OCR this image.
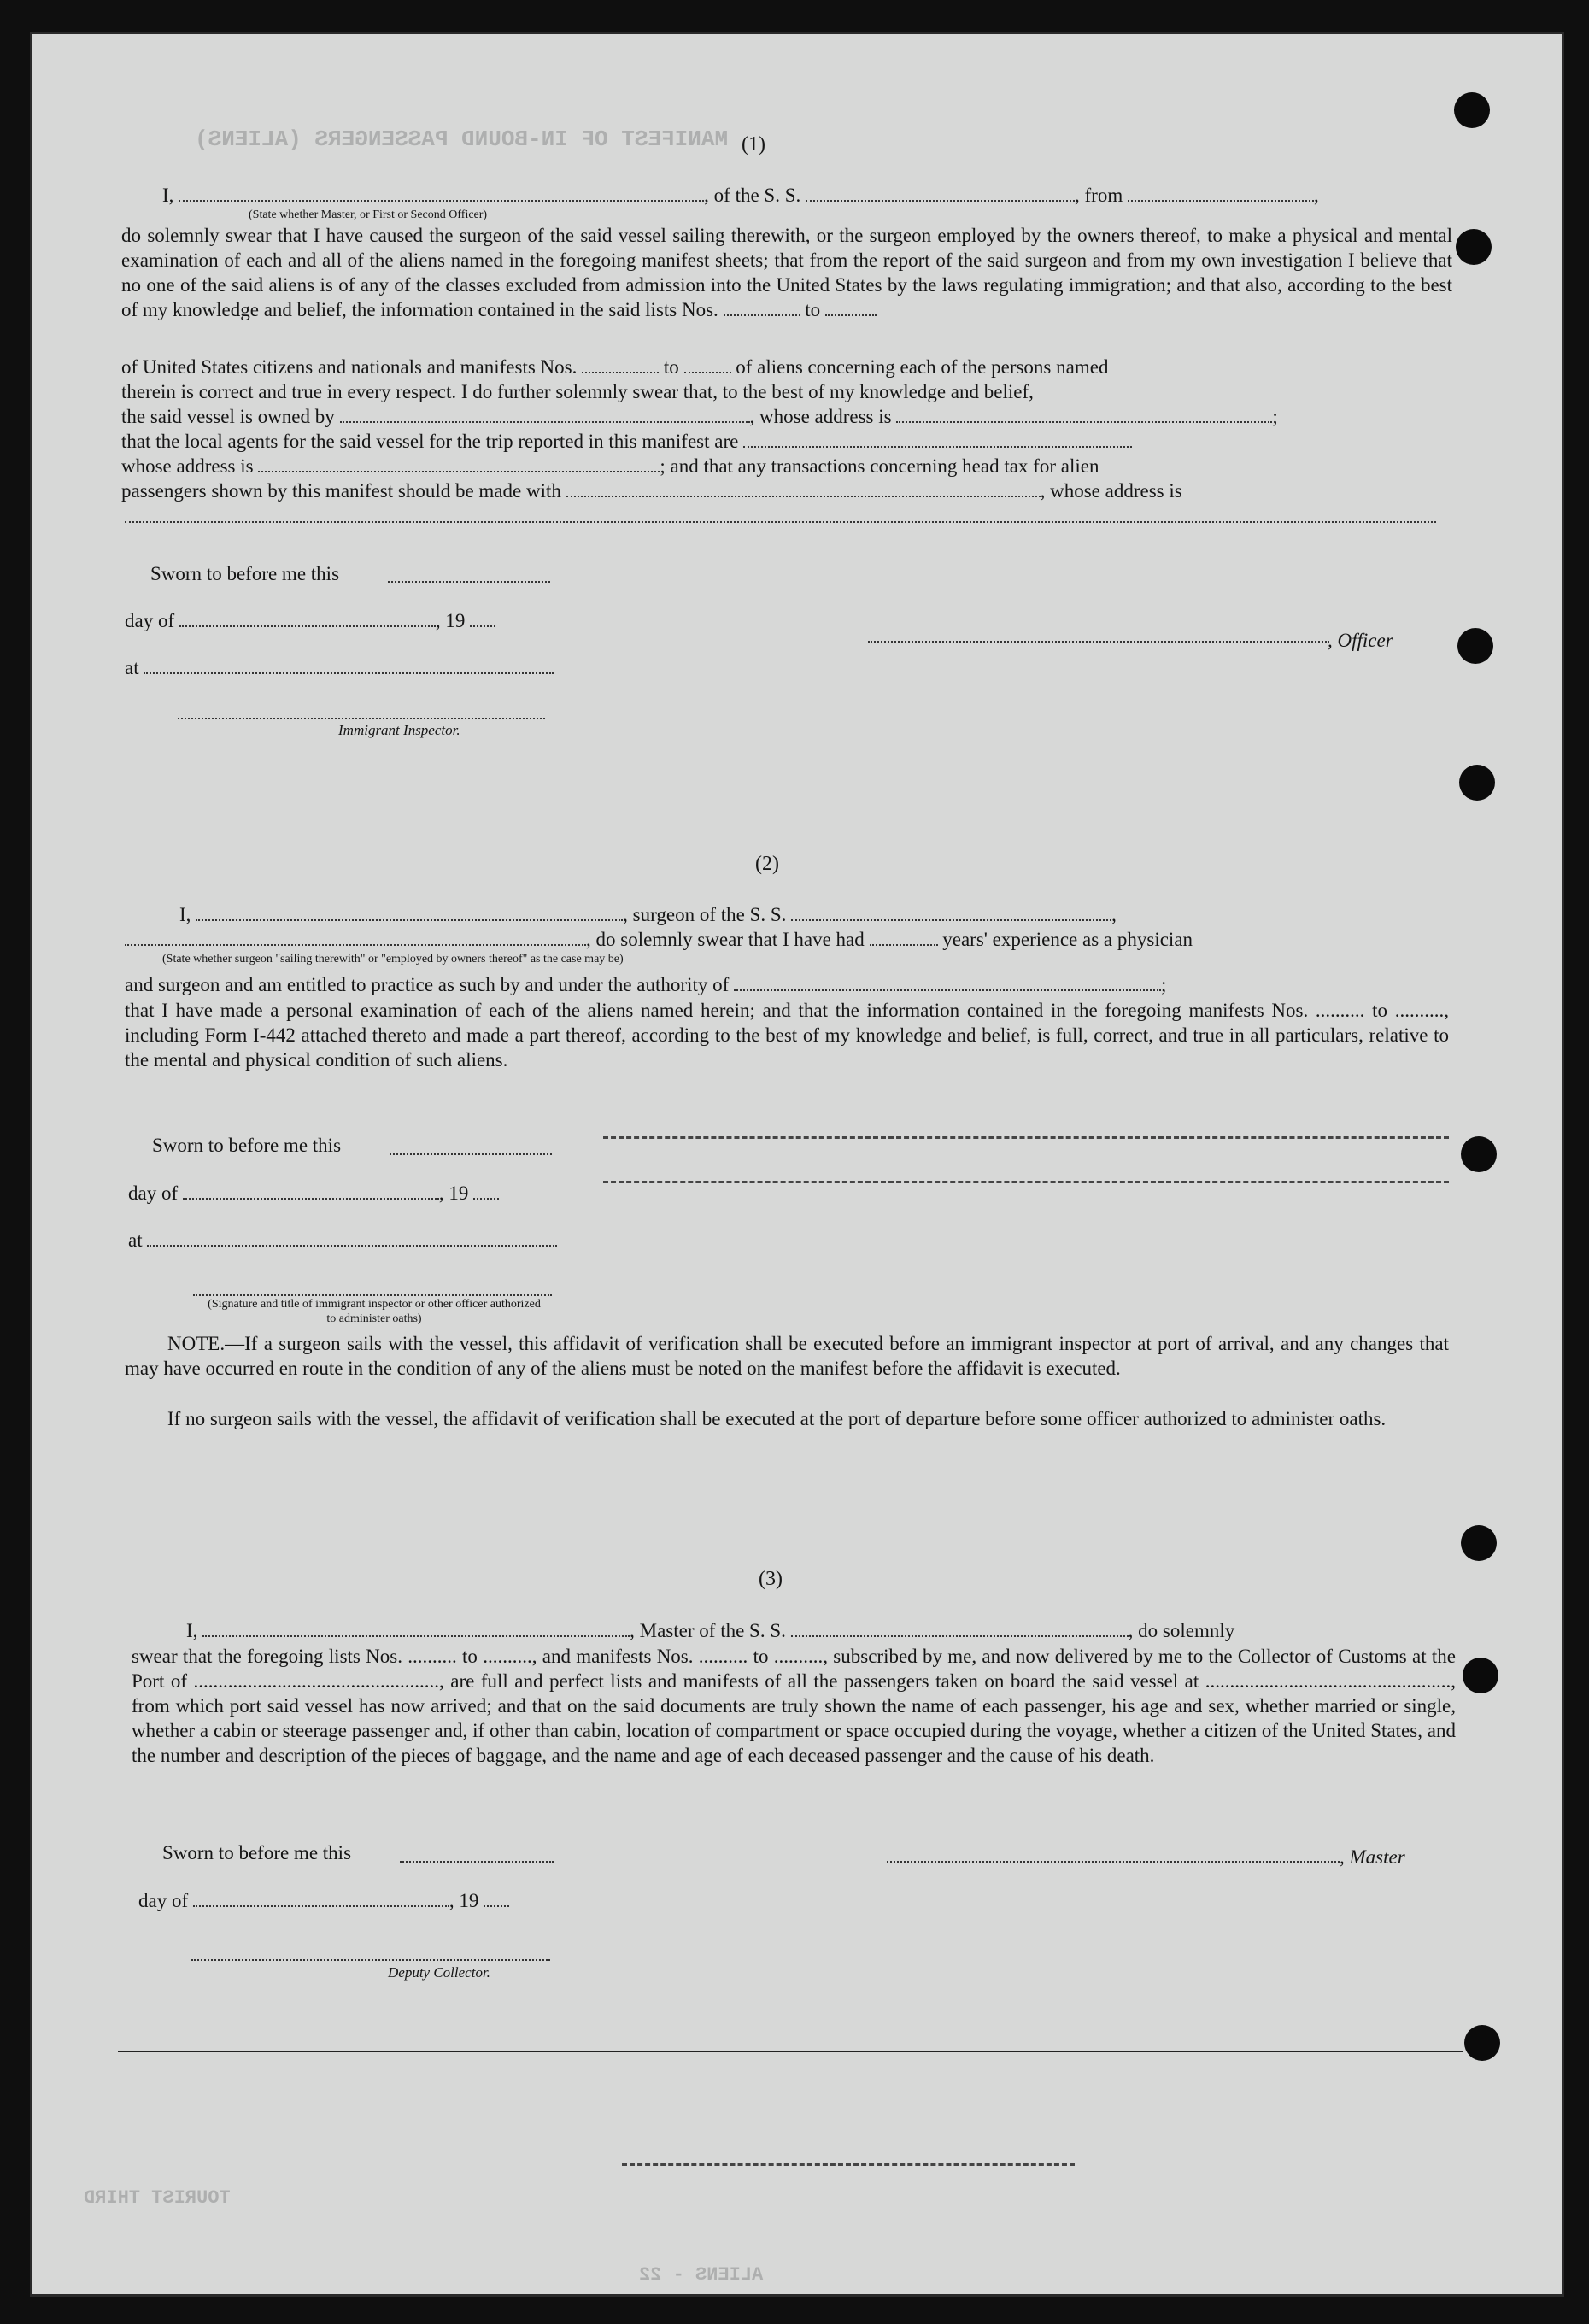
MANIFEST OF IN-BOUND PASSENGERS (ALIENS)
ALIENS - 22
TOURIST THIRD
(1)
I,	, of the S. S.	, from	,
(State whether Master, or First or Second Officer)
do solemnly swear that I have caused the surgeon of the said vessel sailing therewith, or the surgeon employed by the owners thereof, to make a physical and mental examination of each and all of the aliens named in the foregoing manifest sheets; that from the report of the said surgeon and from my own investigation I believe that no one of the said aliens is of any of the classes excluded from admission into the United States by the laws regulating immigration; and that also, according to the best of my knowledge and belief, the information contained in the said lists Nos.	to
of United States citizens and nationals and manifests Nos.	to	of aliens concerning each of the persons named
therein is correct and true in every respect. I do further solemnly swear that, to the best of my knowledge and belief,
the said vessel is owned by	, whose address is	;
that the local agents for the said vessel for the trip reported in this manifest are
whose address is	; and that any transactions concerning head tax for alien
passengers shown by this manifest should be made with	, whose address is
Sworn to before me this
day of	, 19
at
, Officer
Immigrant Inspector.
(2)
I,	, surgeon of the S. S.	,
, do solemnly swear that I have had	years' experience as a physician
(State whether surgeon "sailing therewith" or "employed by owners thereof" as the case may be)
and surgeon and am entitled to practice as such by and under the authority of	;
that I have made a personal examination of each of the aliens named herein; and that the information contained in the foregoing manifests Nos. .......... to .........., including Form I-442 attached thereto and made a part thereof, according to the best of my knowledge and belief, is full, correct, and true in all particulars, relative to the mental and physical condition of such aliens.
Sworn to before me this
day of	, 19
at
(Signature and title of immigrant inspector or other officer authorized to administer oaths)
NOTE.—If a surgeon sails with the vessel, this affidavit of verification shall be executed before an immigrant inspector at port of arrival, and any changes that may have occurred en route in the condition of any of the aliens must be noted on the manifest before the affidavit is executed.
If no surgeon sails with the vessel, the affidavit of verification shall be executed at the port of departure before some officer authorized to administer oaths.
(3)
I,	, Master of the S. S.	, do solemnly
swear that the foregoing lists Nos. .......... to .........., and manifests Nos. .......... to .........., subscribed by me, and now delivered by me to the Collector of Customs at the Port of .................................................., are full and perfect lists and manifests of all the passengers taken on board the said vessel at .................................................., from which port said vessel has now arrived; and that on the said documents are truly shown the name of each passenger, his age and sex, whether married or single, whether a cabin or steerage passenger and, if other than cabin, location of compartment or space occupied during the voyage, whether a citizen of the United States, and the number and description of the pieces of baggage, and the name and age of each deceased passenger and the cause of his death.
Sworn to before me this	, Master
day of	, 19
Deputy Collector.
